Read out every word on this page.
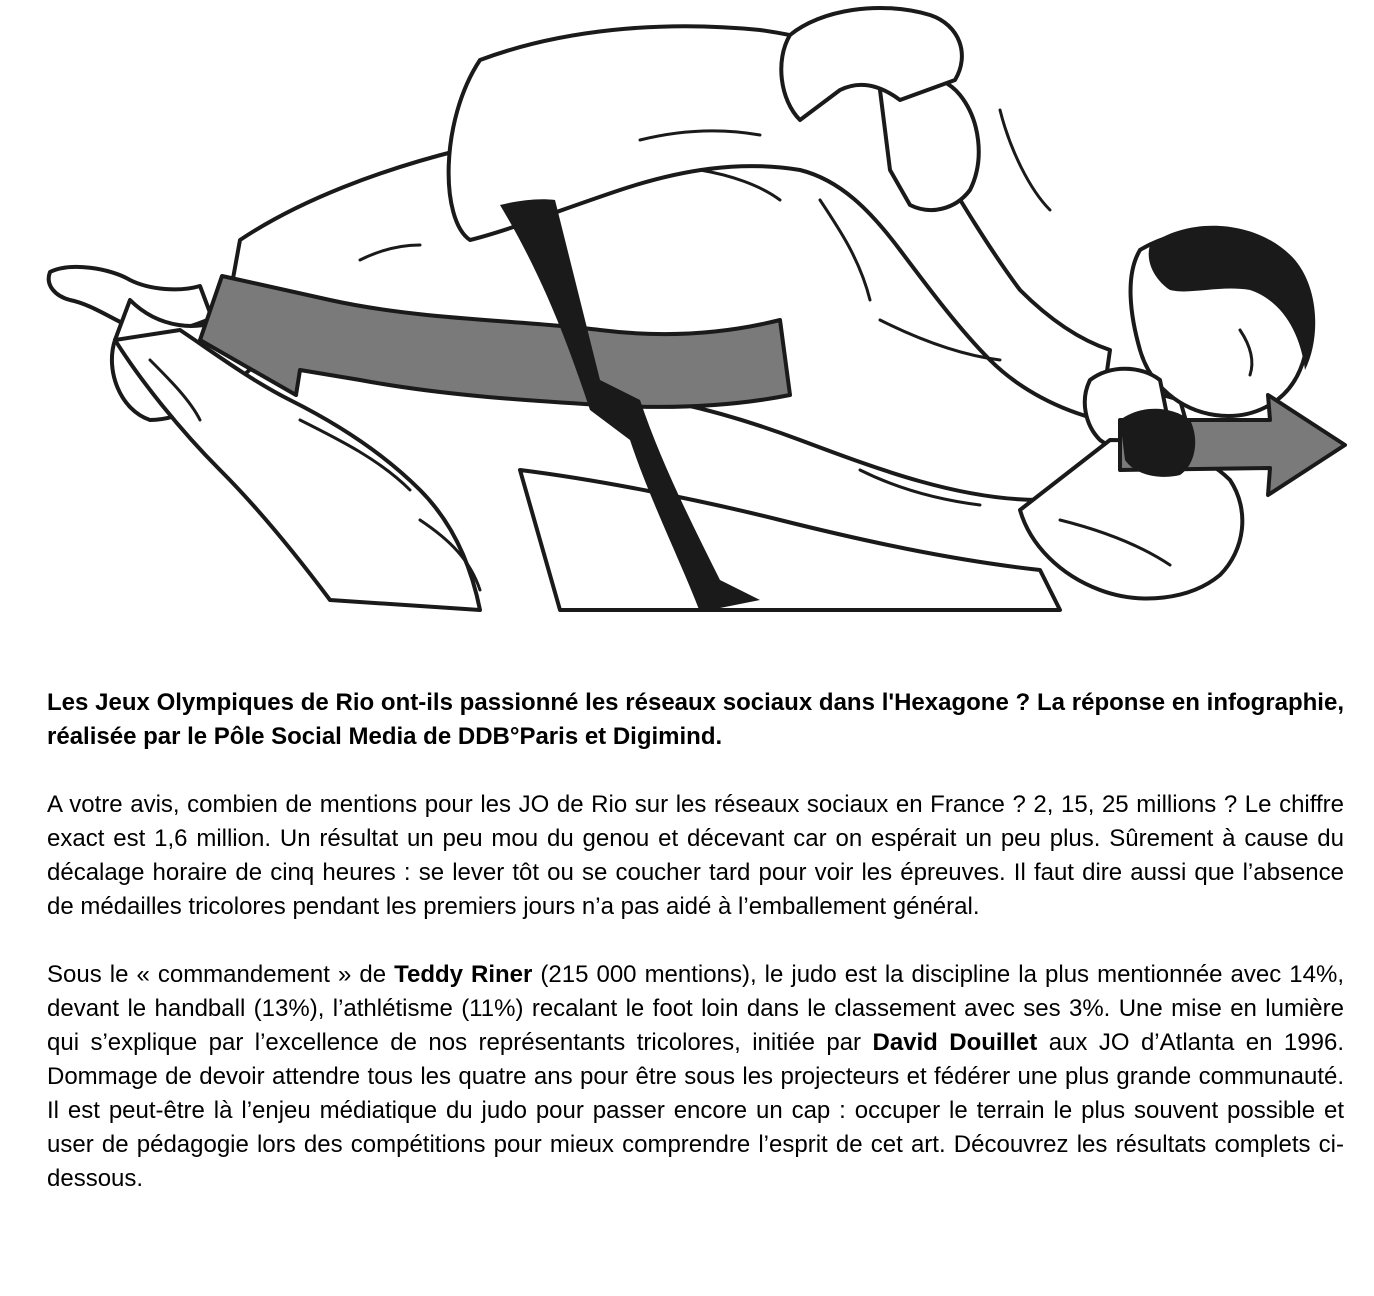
Les Jeux Olympiques de Rio ont-ils passionné les réseaux sociaux dans l'Hexagone ? La réponse en infographie, réalisée par le Pôle Social Media de DDB°Paris et Digimind.

A votre avis, combien de mentions pour les JO de Rio sur les réseaux sociaux en France ? 2, 15, 25 millions ? Le chiffre exact est 1,6 million. Un résultat un peu mou du genou et décevant car on espérait un peu plus. Sûrement à cause du décalage horaire de cinq heures : se lever tôt ou se coucher tard pour voir les épreuves. Il faut dire aussi que l’absence de médailles tricolores pendant les premiers jours n’a pas aidé à l’emballement général.

Sous le « commandement » de Teddy Riner (215 000 mentions), le judo est la discipline la plus mentionnée avec 14%, devant le handball (13%), l’athlétisme (11%) recalant le foot loin dans le classement avec ses 3%. Une mise en lumière qui s’explique par l’excellence de nos représentants tricolores, initiée par David Douillet aux JO d’Atlanta en 1996. Dommage de devoir attendre tous les quatre ans pour être sous les projecteurs et fédérer une plus grande communauté. Il est peut-être là l’enjeu médiatique du judo pour passer encore un cap : occuper le terrain le plus souvent possible et user de pédagogie lors des compétitions pour mieux comprendre l’esprit de cet art. Découvrez les résultats complets ci-dessous.
